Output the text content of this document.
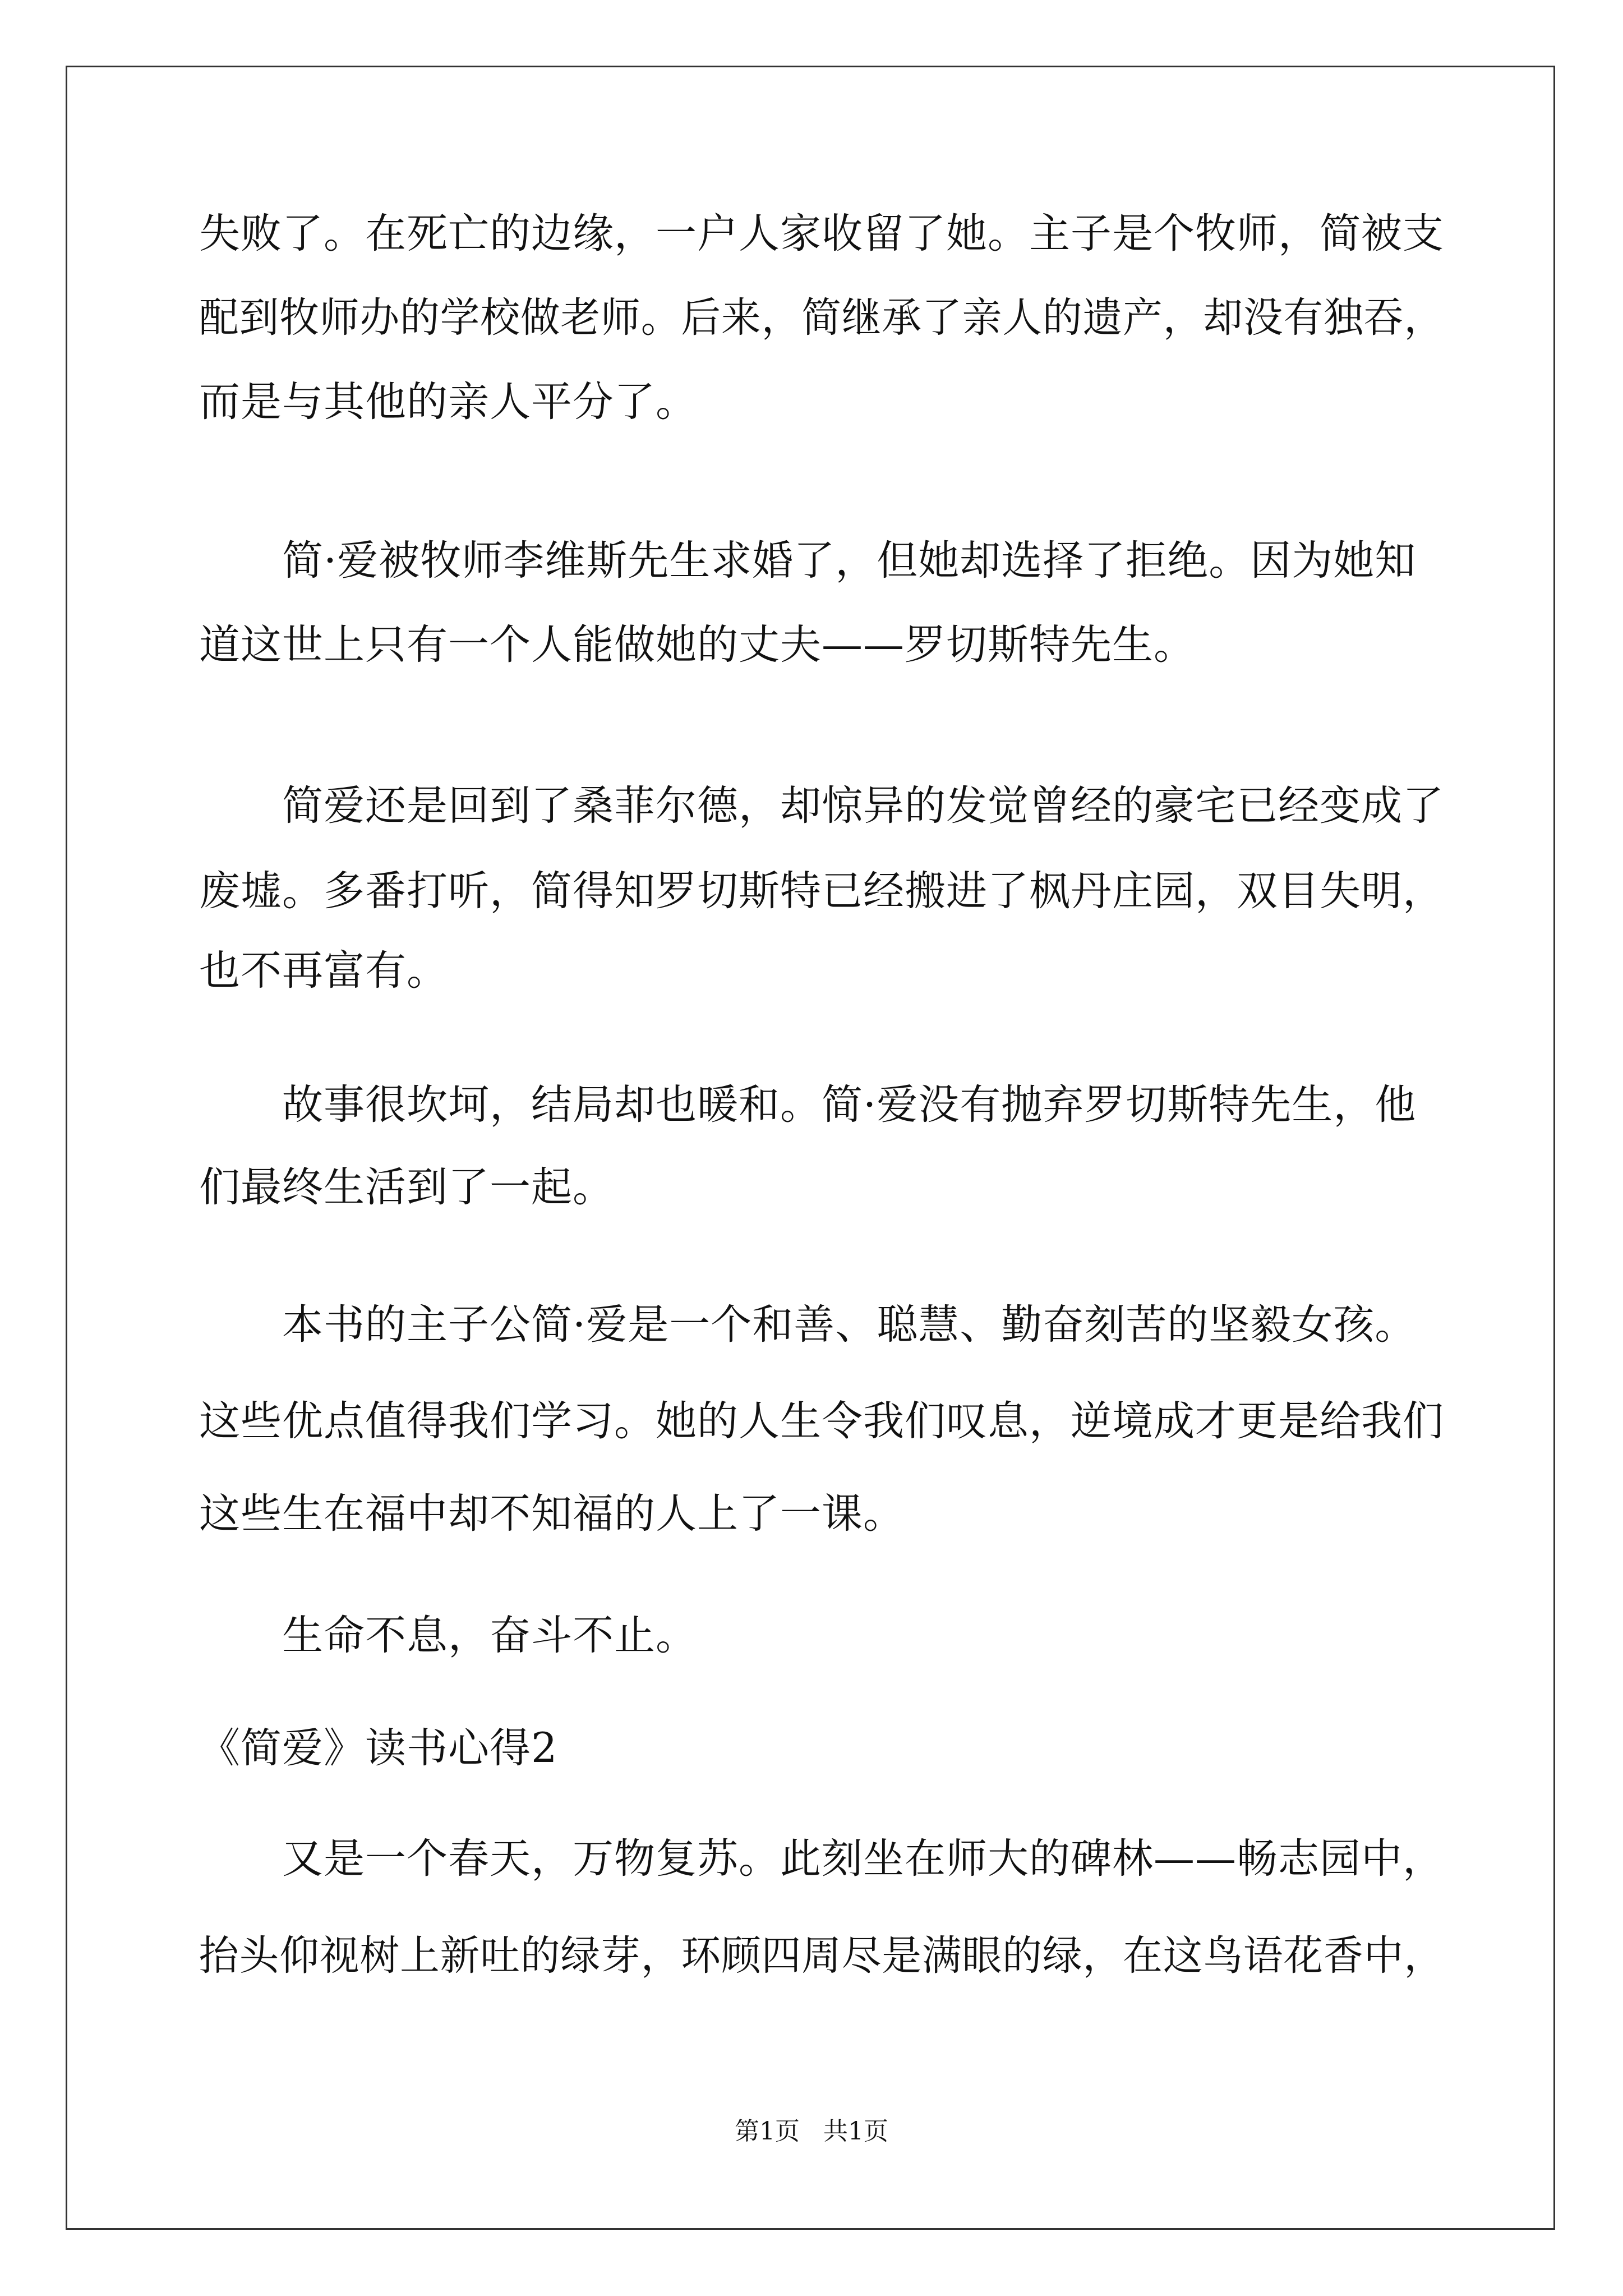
失败了。在死亡的边缘，一户人家收留了她。主子是个牧师，简被支
配到牧师办的学校做老师。后来，简继承了亲人的遗产，却没有独吞，
而是与其他的亲人平分了。
　　简·爱被牧师李维斯先生求婚了，但她却选择了拒绝。因为她知
道这世上只有一个人能做她的丈夫——罗切斯特先生。
　　简爱还是回到了桑菲尔德，却惊异的发觉曾经的豪宅已经变成了
废墟。多番打听，简得知罗切斯特已经搬进了枫丹庄园，双目失明，
也不再富有。
　　故事很坎坷，结局却也暖和。简·爱没有抛弃罗切斯特先生，他
们最终生活到了一起。
　　本书的主子公简·爱是一个和善、聪慧、勤奋刻苦的坚毅女孩。
这些优点值得我们学习。她的人生令我们叹息，逆境成才更是给我们
这些生在福中却不知福的人上了一课。
　　生命不息，奋斗不止。
《简爱》读书心得2
　　又是一个春天，万物复苏。此刻坐在师大的碑林——畅志园中，
抬头仰视树上新吐的绿芽，环顾四周尽是满眼的绿，在这鸟语花香中，
第1页   共1页
